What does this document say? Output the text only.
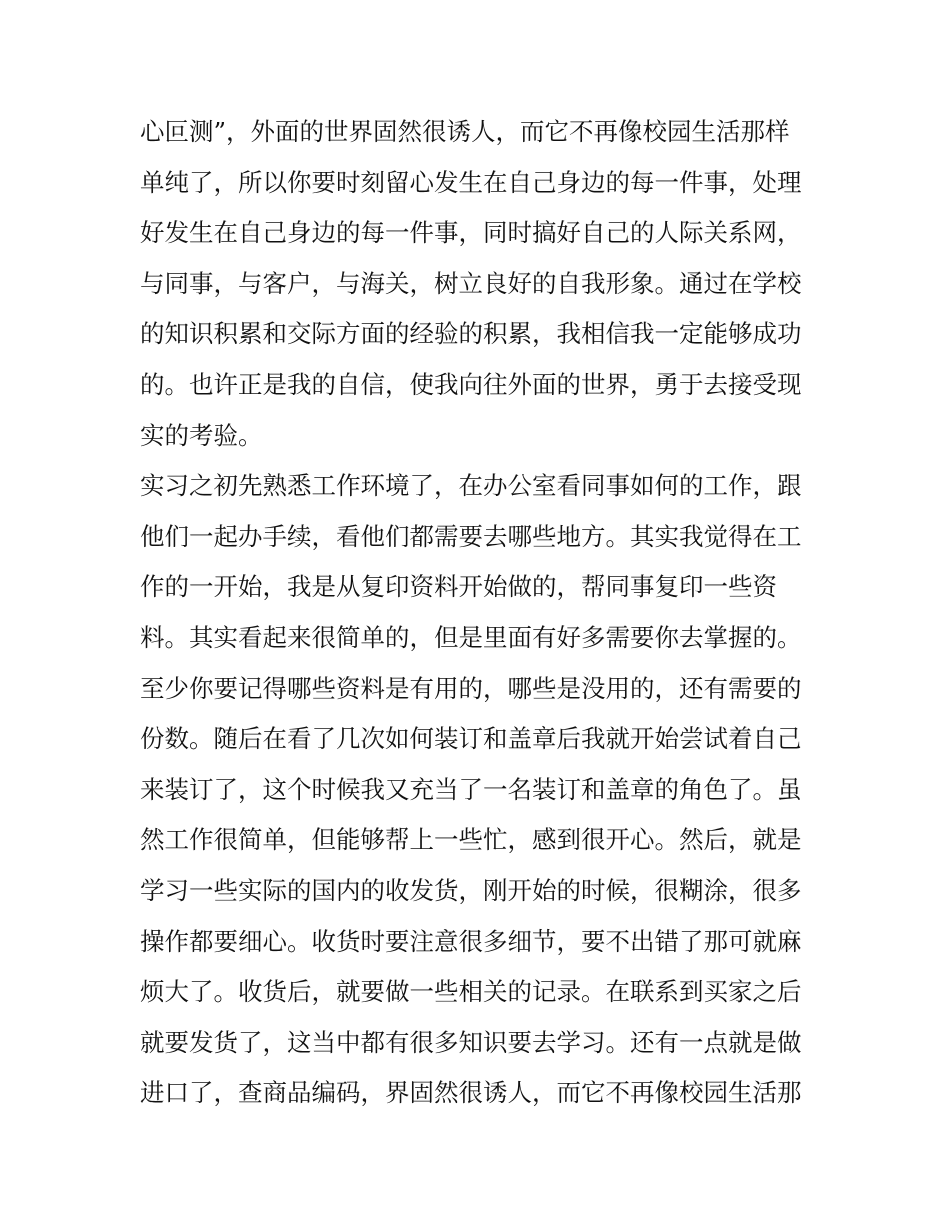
心叵测”，外面的世界固然很诱人，而它不再像校园生活那样
单纯了，所以你要时刻留心发生在自己身边的每一件事，处理
好发生在自己身边的每一件事，同时搞好自己的人际关系网，
与同事，与客户，与海关，树立良好的自我形象。通过在学校
的知识积累和交际方面的经验的积累，我相信我一定能够成功
的。也许正是我的自信，使我向往外面的世界，勇于去接受现
实的考验。
实习之初先熟悉工作环境了，在办公室看同事如何的工作，跟
他们一起办手续，看他们都需要去哪些地方。其实我觉得在工
作的一开始，我是从复印资料开始做的，帮同事复印一些资
料。其实看起来很简单的，但是里面有好多需要你去掌握的。
至少你要记得哪些资料是有用的，哪些是没用的，还有需要的
份数。随后在看了几次如何装订和盖章后我就开始尝试着自己
来装订了，这个时候我又充当了一名装订和盖章的角色了。虽
然工作很简单，但能够帮上一些忙，感到很开心。然后，就是
学习一些实际的国内的收发货，刚开始的时候，很糊涂，很多
操作都要细心。收货时要注意很多细节，要不出错了那可就麻
烦大了。收货后，就要做一些相关的记录。在联系到买家之后
就要发货了，这当中都有很多知识要去学习。还有一点就是做
进口了，查商品编码，界固然很诱人，而它不再像校园生活那
